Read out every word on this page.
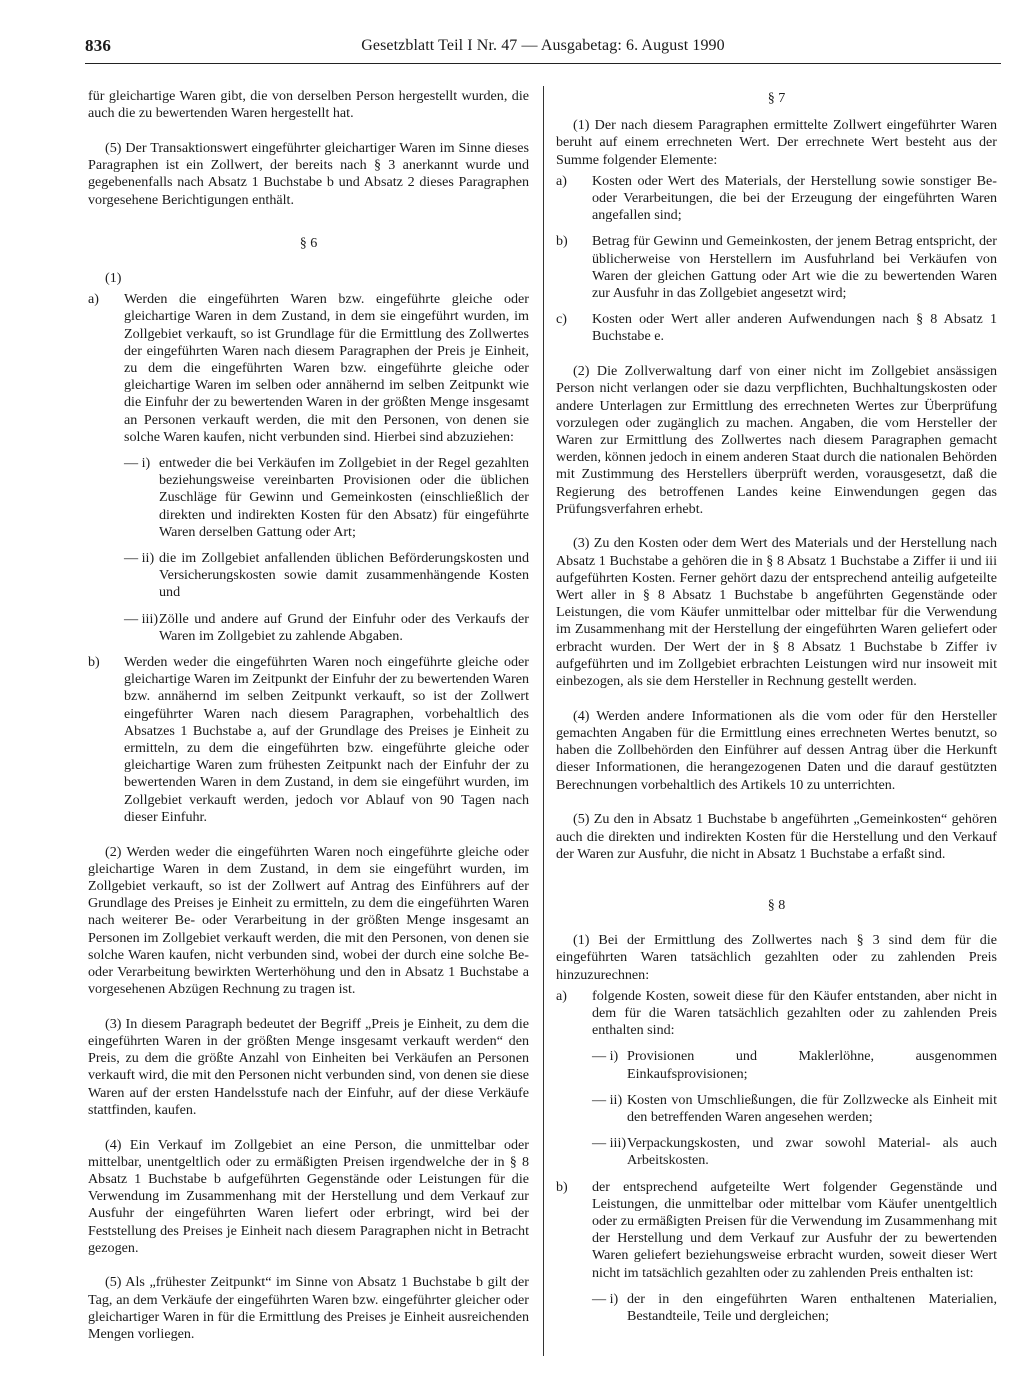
836	Gesetzblatt Teil I Nr. 47 — Ausgabetag: 6. August 1990

für gleichartige Waren gibt, die von derselben Person hergestellt wurden, die auch die zu bewertenden Waren hergestellt hat.

(5) Der Transaktionswert eingeführter gleichartiger Waren im Sinne dieses Paragraphen ist ein Zollwert, der bereits nach § 3 anerkannt wurde und gegebenenfalls nach Absatz 1 Buchstabe b und Absatz 2 dieses Paragraphen vorgesehene Berichtigungen enthält.

§ 6
(1)
a) Werden die eingeführten Waren bzw. eingeführte gleiche oder gleichartige Waren in dem Zustand, in dem sie eingeführt wurden, im Zollgebiet verkauft, so ist Grundlage für die Ermittlung des Zollwertes der eingeführten Waren nach diesem Paragraphen der Preis je Einheit, zu dem die eingeführten Waren bzw. eingeführte gleiche oder gleichartige Waren im selben oder annähernd im selben Zeitpunkt wie die Einfuhr der zu bewertenden Waren in der größten Menge insgesamt an Personen verkauft werden, die mit den Personen, von denen sie solche Waren kaufen, nicht verbunden sind. Hierbei sind abzuziehen:
— i) entweder die bei Verkäufen im Zollgebiet in der Regel gezahlten beziehungsweise vereinbarten Provisionen oder die üblichen Zuschläge für Gewinn und Gemeinkosten (einschließlich der direkten und indirekten Kosten für den Absatz) für eingeführte Waren derselben Gattung oder Art;
— ii) die im Zollgebiet anfallenden üblichen Beförderungskosten und Versicherungskosten sowie damit zusammenhängende Kosten und
— iii) Zölle und andere auf Grund der Einfuhr oder des Verkaufs der Waren im Zollgebiet zu zahlende Abgaben.
b) Werden weder die eingeführten Waren noch eingeführte gleiche oder gleichartige Waren im Zeitpunkt der Einfuhr der zu bewertenden Waren bzw. annähernd im selben Zeitpunkt verkauft, so ist der Zollwert eingeführter Waren nach diesem Paragraphen, vorbehaltlich des Absatzes 1 Buchstabe a, auf der Grundlage des Preises je Einheit zu ermitteln, zu dem die eingeführten bzw. eingeführte gleiche oder gleichartige Waren zum frühesten Zeitpunkt nach der Einfuhr der zu bewertenden Waren in dem Zustand, in dem sie eingeführt wurden, im Zollgebiet verkauft werden, jedoch vor Ablauf von 90 Tagen nach dieser Einfuhr.

(2) Werden weder die eingeführten Waren noch eingeführte gleiche oder gleichartige Waren in dem Zustand, in dem sie eingeführt wurden, im Zollgebiet verkauft, so ist der Zollwert auf Antrag des Einführers auf der Grundlage des Preises je Einheit zu ermitteln, zu dem die eingeführten Waren nach weiterer Be- oder Verarbeitung in der größten Menge insgesamt an Personen im Zollgebiet verkauft werden, die mit den Personen, von denen sie solche Waren kaufen, nicht verbunden sind, wobei der durch eine solche Be- oder Verarbeitung bewirkten Werterhöhung und den in Absatz 1 Buchstabe a vorgesehenen Abzügen Rechnung zu tragen ist.

(3) In diesem Paragraph bedeutet der Begriff „Preis je Einheit, zu dem die eingeführten Waren in der größten Menge insgesamt verkauft werden“ den Preis, zu dem die größte Anzahl von Einheiten bei Verkäufen an Personen verkauft wird, die mit den Personen nicht verbunden sind, von denen sie diese Waren auf der ersten Handelsstufe nach der Einfuhr, auf der diese Verkäufe stattfinden, kaufen.

(4) Ein Verkauf im Zollgebiet an eine Person, die unmittelbar oder mittelbar, unentgeltlich oder zu ermäßigten Preisen irgendwelche der in § 8 Absatz 1 Buchstabe b aufgeführten Gegenstände oder Leistungen für die Verwendung im Zusammenhang mit der Herstellung und dem Verkauf zur Ausfuhr der eingeführten Waren liefert oder erbringt, wird bei der Feststellung des Preises je Einheit nach diesem Paragraphen nicht in Betracht gezogen.

(5) Als „frühester Zeitpunkt“ im Sinne von Absatz 1 Buchstabe b gilt der Tag, an dem Verkäufe der eingeführten Waren bzw. eingeführter gleicher oder gleichartiger Waren in für die Ermittlung des Preises je Einheit ausreichenden Mengen vorliegen.

§ 7

(1) Der nach diesem Paragraphen ermittelte Zollwert eingeführter Waren beruht auf einem errechneten Wert. Der errechnete Wert besteht aus der Summe folgender Elemente:

a) Kosten oder Wert des Materials, der Herstellung sowie sonstiger Be- oder Verarbeitungen, die bei der Erzeugung der eingeführten Waren angefallen sind;
b) Betrag für Gewinn und Gemeinkosten, der jenem Betrag entspricht, der üblicherweise von Herstellern im Ausfuhrland bei Verkäufen von Waren der gleichen Gattung oder Art wie die zu bewertenden Waren zur Ausfuhr in das Zollgebiet angesetzt wird;
c) Kosten oder Wert aller anderen Aufwendungen nach § 8 Absatz 1 Buchstabe e.

(2) Die Zollverwaltung darf von einer nicht im Zollgebiet ansässigen Person nicht verlangen oder sie dazu verpflichten, Buchhaltungskosten oder andere Unterlagen zur Ermittlung des errechneten Wertes zur Überprüfung vorzulegen oder zugänglich zu machen. Angaben, die vom Hersteller der Waren zur Ermittlung des Zollwertes nach diesem Paragraphen gemacht werden, können jedoch in einem anderen Staat durch die nationalen Behörden mit Zustimmung des Herstellers überprüft werden, vorausgesetzt, daß die Regierung des betroffenen Landes keine Einwendungen gegen das Prüfungsverfahren erhebt.

(3) Zu den Kosten oder dem Wert des Materials und der Herstellung nach Absatz 1 Buchstabe a gehören die in § 8 Absatz 1 Buchstabe a Ziffer ii und iii aufgeführten Kosten. Ferner gehört dazu der entsprechend anteilig aufgeteilte Wert aller in § 8 Absatz 1 Buchstabe b angeführten Gegenstände oder Leistungen, die vom Käufer unmittelbar oder mittelbar für die Verwendung im Zusammenhang mit der Herstellung der eingeführten Waren geliefert oder erbracht wurden. Der Wert der in § 8 Absatz 1 Buchstabe b Ziffer iv aufgeführten und im Zollgebiet erbrachten Leistungen wird nur insoweit mit einbezogen, als sie dem Hersteller in Rechnung gestellt werden.

(4) Werden andere Informationen als die vom oder für den Hersteller gemachten Angaben für die Ermittlung eines errechneten Wertes benutzt, so haben die Zollbehörden den Einführer auf dessen Antrag über die Herkunft dieser Informationen, die herangezogenen Daten und die darauf gestützten Berechnungen vorbehaltlich des Artikels 10 zu unterrichten.

(5) Zu den in Absatz 1 Buchstabe b angeführten „Gemeinkosten“ gehören auch die direkten und indirekten Kosten für die Herstellung und den Verkauf der Waren zur Ausfuhr, die nicht in Absatz 1 Buchstabe a erfaßt sind.

§ 8

(1) Bei der Ermittlung des Zollwertes nach § 3 sind dem für die eingeführten Waren tatsächlich gezahlten oder zu zahlenden Preis hinzuzurechnen:

a) folgende Kosten, soweit diese für den Käufer entstanden, aber nicht in dem für die Waren tatsächlich gezahlten oder zu zahlenden Preis enthalten sind:
— i) Provisionen und Maklerlöhne, ausgenommen Einkaufsprovisionen;
— ii) Kosten von Umschließungen, die für Zollzwecke als Einheit mit den betreffenden Waren angesehen werden;
— iii) Verpackungskosten, und zwar sowohl Material- als auch Arbeitskosten.
b) der entsprechend aufgeteilte Wert folgender Gegenstände und Leistungen, die unmittelbar oder mittelbar vom Käufer unentgeltlich oder zu ermäßigten Preisen für die Verwendung im Zusammenhang mit der Herstellung und dem Verkauf zur Ausfuhr der zu bewertenden Waren geliefert beziehungsweise erbracht wurden, soweit dieser Wert nicht im tatsächlich gezahlten oder zu zahlenden Preis enthalten ist:
— i) der in den eingeführten Waren enthaltenen Materialien, Bestandteile, Teile und dergleichen;
